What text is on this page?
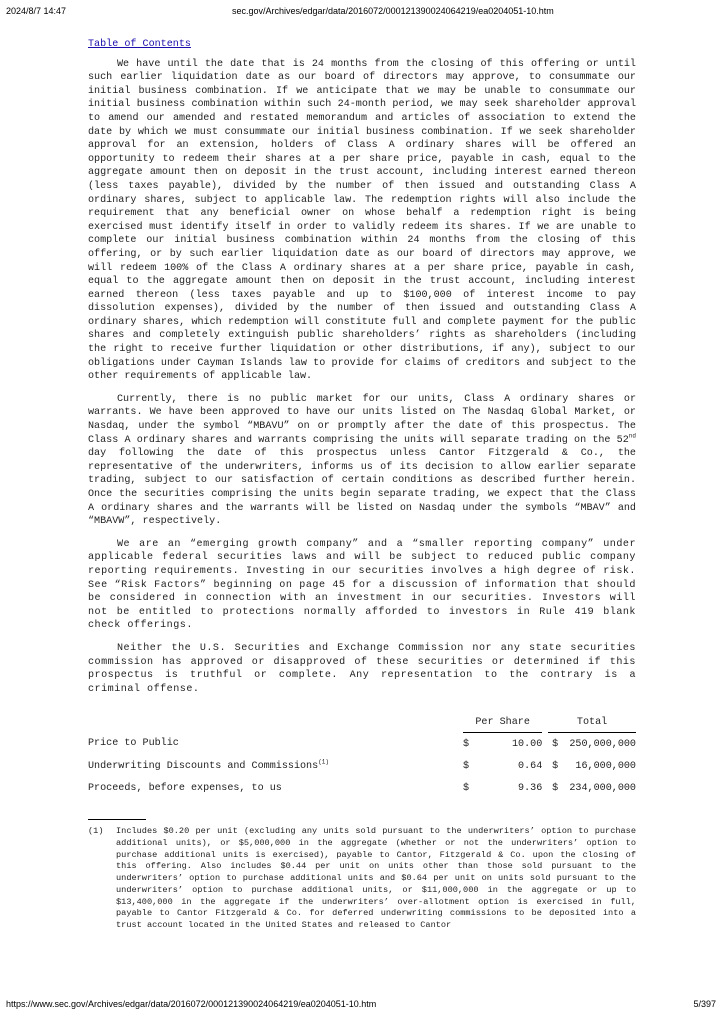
2024/8/7 14:47	sec.gov/Archives/edgar/data/2016072/000121390024064219/ea0204051-10.htm
Table of Contents

We have until the date that is 24 months from the closing of this offering or until such earlier liquidation date as our board of directors may approve, to consummate our initial business combination. If we anticipate that we may be unable to consummate our initial business combination within such 24-month period, we may seek shareholder approval to amend our amended and restated memorandum and articles of association to extend the date by which we must consummate our initial business combination. If we seek shareholder approval for an extension, holders of Class A ordinary shares will be offered an opportunity to redeem their shares at a per share price, payable in cash, equal to the aggregate amount then on deposit in the trust account, including interest earned thereon (less taxes payable), divided by the number of then issued and outstanding Class A ordinary shares, subject to applicable law. The redemption rights will also include the requirement that any beneficial owner on whose behalf a redemption right is being exercised must identify itself in order to validly redeem its shares. If we are unable to complete our initial business combination within 24 months from the closing of this offering, or by such earlier liquidation date as our board of directors may approve, we will redeem 100% of the Class A ordinary shares at a per share price, payable in cash, equal to the aggregate amount then on deposit in the trust account, including interest earned thereon (less taxes payable and up to $100,000 of interest income to pay dissolution expenses), divided by the number of then issued and outstanding Class A ordinary shares, which redemption will constitute full and complete payment for the public shares and completely extinguish public shareholders’ rights as shareholders (including the right to receive further liquidation or other distributions, if any), subject to our obligations under Cayman Islands law to provide for claims of creditors and subject to the other requirements of applicable law.

Currently, there is no public market for our units, Class A ordinary shares or warrants. We have been approved to have our units listed on The Nasdaq Global Market, or Nasdaq, under the symbol “MBAVU” on or promptly after the date of this prospectus. The Class A ordinary shares and warrants comprising the units will separate trading on the 52nd day following the date of this prospectus unless Cantor Fitzgerald & Co., the representative of the underwriters, informs us of its decision to allow earlier separate trading, subject to our satisfaction of certain conditions as described further herein. Once the securities comprising the units begin separate trading, we expect that the Class A ordinary shares and the warrants will be listed on Nasdaq under the symbols “MBAV” and “MBAVW”, respectively.

We are an “emerging growth company” and a “smaller reporting company” under applicable federal securities laws and will be subject to reduced public company reporting requirements. Investing in our securities involves a high degree of risk. See “Risk Factors” beginning on page 45 for a discussion of information that should be considered in connection with an investment in our securities. Investors will not be entitled to protections normally afforded to investors in Rule 419 blank check offerings.

Neither the U.S. Securities and Exchange Commission nor any state securities commission has approved or disapproved of these securities or determined if this prospectus is truthful or complete. Any representation to the contrary is a criminal offense.

	Per Share			Total	
Price to Public	$	10.00		$	250,000,000
Underwriting Discounts and Commissions$^{(1)}$	$	0.64		$	16,000,000
Proceeds, before expenses, to us	$	9.36		$	234,000,000
(1)	Includes $0.20 per unit (excluding any units sold pursuant to the underwriters’ option to purchase additional units), or $5,000,000 in the aggregate (whether or not the underwriters’ option to purchase additional units is exercised), payable to Cantor, Fitzgerald & Co. upon the closing of this offering. Also includes $0.44 per unit on units other than those sold pursuant to the underwriters’ option to purchase additional units and $0.64 per unit on units sold pursuant to the underwriters’ option to purchase additional units, or $11,000,000 in the aggregate or up to $13,400,000 in the aggregate if the underwriters’ over-allotment option is exercised in full, payable to Cantor Fitzgerald & Co. for deferred underwriting commissions to be deposited into a trust account located in the United States and released to Cantor
https://www.sec.gov/Archives/edgar/data/2016072/000121390024064219/ea0204051-10.htm	5/397
